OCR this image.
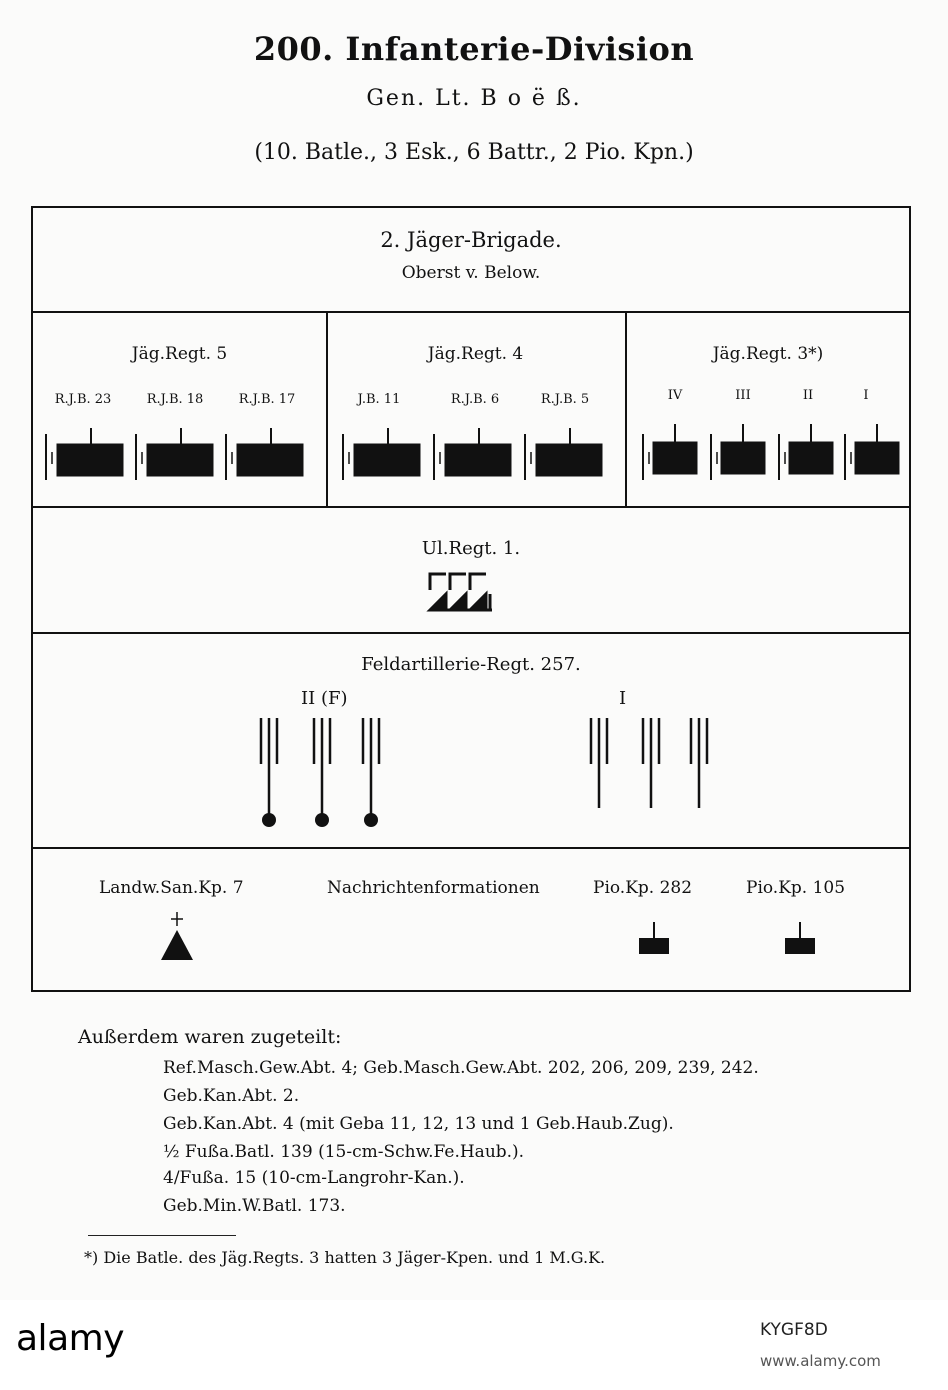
200. Infanterie-Division
Gen. Lt. B o ë ß.
(10. Batle., 3 Esk., 6 Battr., 2 Pio. Kpn.)
2. Jäger-Brigade.
Oberst v. Below.
Jäg.Regt. 5
R.J.B. 23	R.J.B. 18	R.J.B. 17
Jäg.Regt. 4
J.B. 11	R.J.B. 6	R.J.B. 5
Jäg.Regt. 3*)
IV	III	II	I
Ul.Regt. 1.
Feldartillerie-Regt. 257.
II (F)	I
Landw.San.Kp. 7	Nachrichtenformationen	Pio.Kp. 282	Pio.Kp. 105
Außerdem waren zugeteilt:
Ref.Masch.Gew.Abt. 4; Geb.Masch.Gew.Abt. 202, 206, 209, 239, 242.
Geb.Kan.Abt. 2.
Geb.Kan.Abt. 4 (mit Geba 11, 12, 13 und 1 Geb.Haub.Zug).
½ Fußa.Batl. 139 (15-cm-Schw.Fe.Haub.).
4/Fußa. 15 (10-cm-Langrohr-Kan.).
Geb.Min.W.Batl. 173.
*) Die Batle. des Jäg.Regts. 3 hatten 3 Jäger-Kpen. und 1 M.G.K.
alamy	KYGF8D
www.alamy.com
